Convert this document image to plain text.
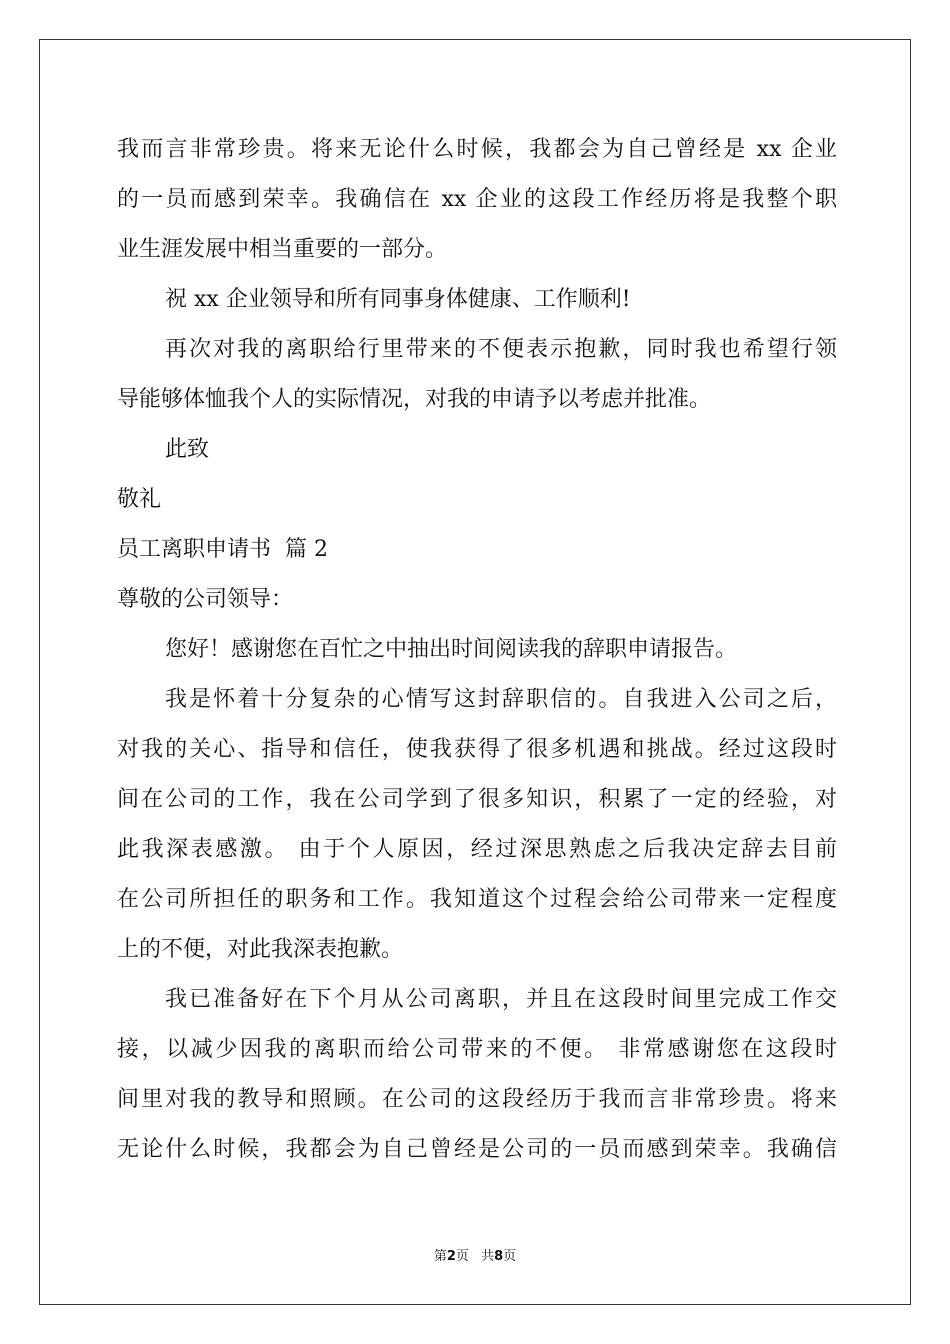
我而言非常珍贵。将来无论什么时候，我都会为自己曾经是 xx 企业
的一员而感到荣幸。我确信在 xx 企业的这段工作经历将是我整个职
业生涯发展中相当重要的一部分。
祝 xx 企业领导和所有同事身体健康、工作顺利!
再次对我的离职给行里带来的不便表示抱歉，同时我也希望行领
导能够体恤我个人的实际情况，对我的申请予以考虑并批准。
此致
敬礼
员工离职申请书  篇 2
尊敬的公司领导：
您好！感谢您在百忙之中抽出时间阅读我的辞职申请报告。
我是怀着十分复杂的心情写这封辞职信的。自我进入公司之后，
对我的关心、指导和信任，使我获得了很多机遇和挑战。经过这段时
间在公司的工作，我在公司学到了很多知识，积累了一定的经验，对
此我深表感激。 由于个人原因，经过深思熟虑之后我决定辞去目前
在公司所担任的职务和工作。我知道这个过程会给公司带来一定程度
上的不便，对此我深表抱歉。
我已准备好在下个月从公司离职，并且在这段时间里完成工作交
接，以减少因我的离职而给公司带来的不便。 非常感谢您在这段时
间里对我的教导和照顾。在公司的这段经历于我而言非常珍贵。将来
无论什么时候，我都会为自己曾经是公司的一员而感到荣幸。我确信
第2页 共8页
